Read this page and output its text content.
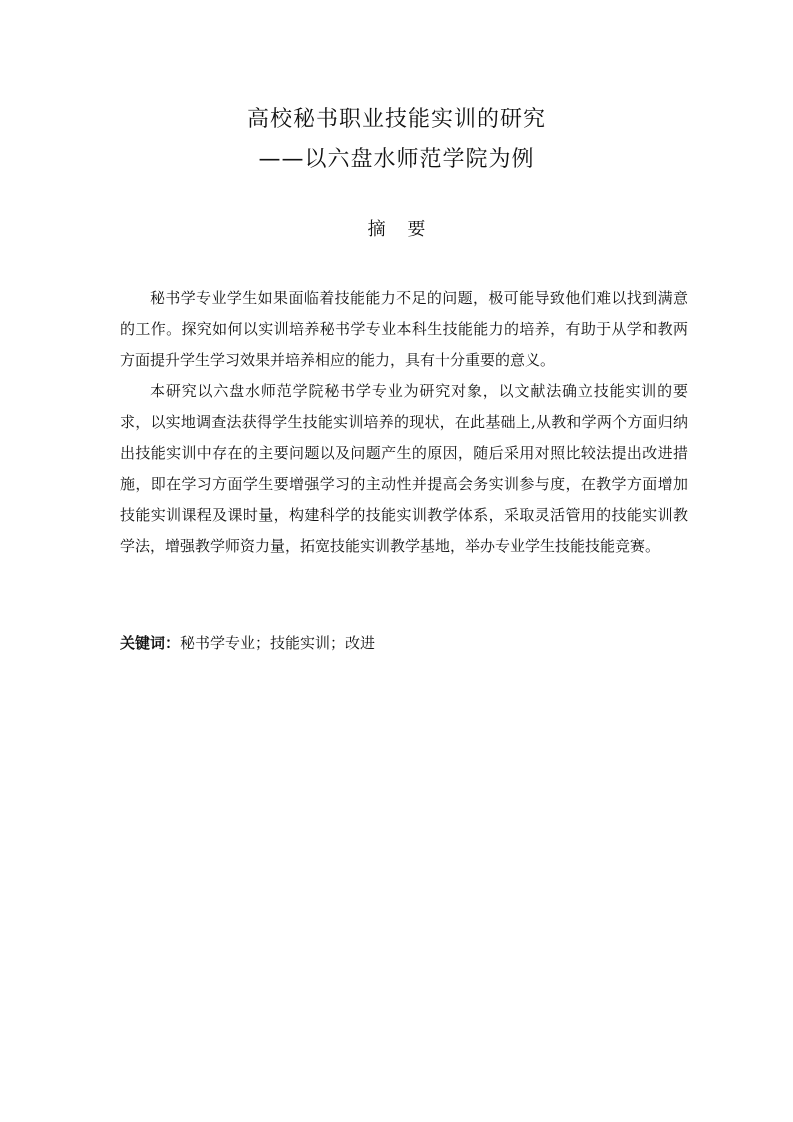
高校秘书职业技能实训的研究
——以六盘水师范学院为例
摘 要

秘书学专业学生如果面临着技能能力不足的问题，极可能导致他们难以找到满意的工作。探究如何以实训培养秘书学专业本科生技能能力的培养，有助于从学和教两方面提升学生学习效果并培养相应的能力，具有十分重要的意义。

本研究以六盘水师范学院秘书学专业为研究对象，以文献法确立技能实训的要求，以实地调查法获得学生技能实训培养的现状，在此基础上,从教和学两个方面归纳出技能实训中存在的主要问题以及问题产生的原因，随后采用对照比较法提出改进措施，即在学习方面学生要增强学习的主动性并提高会务实训参与度，在教学方面增加技能实训课程及课时量，构建科学的技能实训教学体系，采取灵活管用的技能实训教学法，增强教学师资力量，拓宽技能实训教学基地，举办专业学生技能技能竞赛。

关键词：秘书学专业；技能实训；改进
